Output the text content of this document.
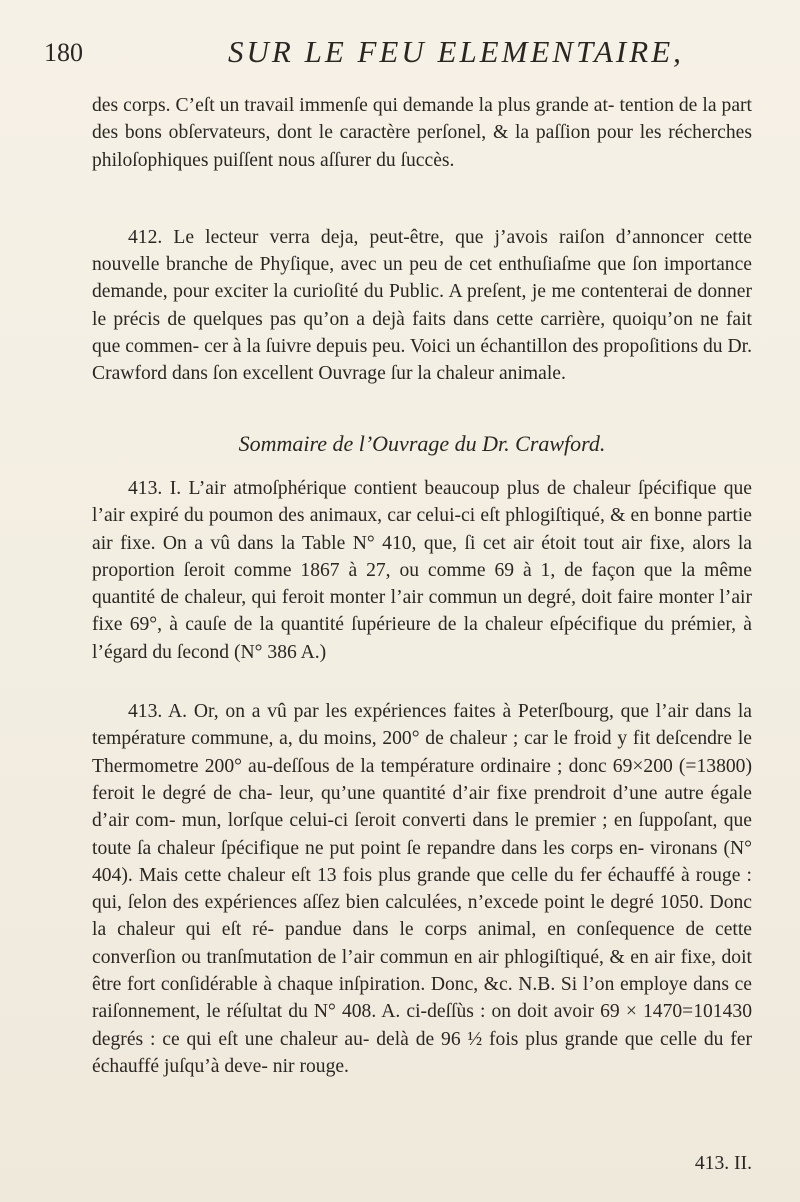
180	SUR LE FEU ELEMENTAIRE,

des corps. C’eſt un travail immenſe qui demande la plus grande at- tention de la part des bons obſervateurs, dont le caractère perſonel, & la paſſion pour les récherches philoſophiques puiſſent nous aſſurer du ſuccès.

412. Le lecteur verra deja, peut-être, que j’avois raiſon d’annoncer cette nouvelle branche de Phyſique, avec un peu de cet enthuſiaſme que ſon importance demande, pour exciter la curioſité du Public. A preſent, je me contenterai de donner le précis de quelques pas qu’on a dejà faits dans cette carrière, quoiqu’on ne fait que commen- cer à la ſuivre depuis peu. Voici un échantillon des propoſitions du Dr. Crawford dans ſon excellent Ouvrage ſur la chaleur animale.

Sommaire de l’Ouvrage du Dr. Crawford.

413. I. L’air atmoſphérique contient beaucoup plus de chaleur ſpécifique que l’air expiré du poumon des animaux, car celui-ci eſt phlogiſtiqué, & en bonne partie air fixe. On a vû dans la Table N° 410, que, ſi cet air étoit tout air fixe, alors la proportion ſeroit comme 1867 à 27, ou comme 69 à 1, de façon que la même quantité de chaleur, qui feroit monter l’air commun un degré, doit faire monter l’air fixe 69°, à cauſe de la quantité ſupérieure de la chaleur eſpécifique du prémier, à l’égard du ſecond (N° 386 A.)

413. A. Or, on a vû par les expériences faites à Peterſbourg, que l’air dans la température commune, a, du moins, 200° de chaleur ; car le froid y fit deſcendre le Thermometre 200° au-deſſous de la température ordinaire ; donc 69×200 (=13800) feroit le degré de cha- leur, qu’une quantité d’air fixe prendroit d’une autre égale d’air com- mun, lorſque celui-ci ſeroit converti dans le premier ; en ſuppoſant, que toute ſa chaleur ſpécifique ne put point ſe repandre dans les corps en- vironans (N° 404). Mais cette chaleur eſt 13 fois plus grande que celle du fer échauffé à rouge : qui, ſelon des expériences aſſez bien calculées, n’excede point le degré 1050. Donc la chaleur qui eſt ré- pandue dans le corps animal, en conſequence de cette converſion ou tranſmutation de l’air commun en air phlogiſtiqué, & en air fixe, doit être fort conſidérable à chaque inſpiration. Donc, &c. N.B. Si l’on employe dans ce raiſonnement, le réſultat du N° 408. A. ci-deſſùs : on doit avoir 69 × 1470=101430 degrés : ce qui eſt une chaleur au- delà de 96 ½ fois plus grande que celle du fer échauffé juſqu’à deve- nir rouge.

413. II.
